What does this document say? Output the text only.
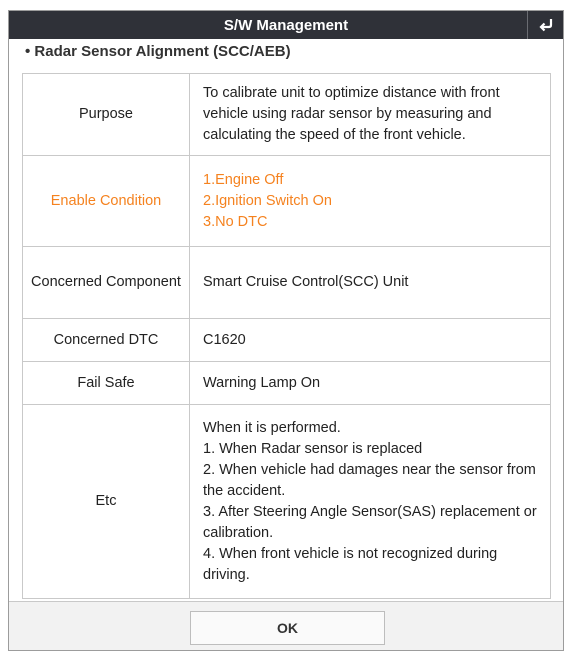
S/W Management
• Radar Sensor Alignment (SCC/AEB)
Purpose	To calibrate unit to optimize distance with front vehicle using radar sensor by measuring and calculating the speed of the front vehicle.

Enable Condition	1.Engine Off
2.Ignition Switch On
3.No DTC

Concerned Component	Smart Cruise Control(SCC) Unit

Concerned DTC	C1620

Fail Safe	Warning Lamp On

Etc	When it is performed.
1. When Radar sensor is replaced
2. When vehicle had damages near the sensor from the accident.
3. After Steering Angle Sensor(SAS) replacement or calibration.
4. When front vehicle is not recognized during driving.
OK
